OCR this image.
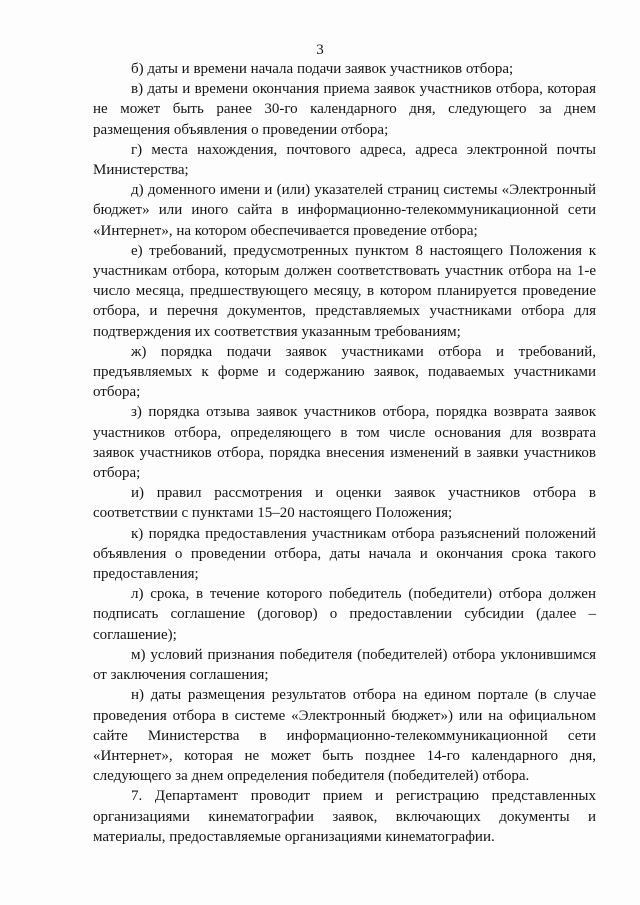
3

б) даты и времени начала подачи заявок участников отбора;

в) даты и времени окончания приема заявок участников отбора, которая не может быть ранее 30-го календарного дня, следующего за днем размещения объявления о проведении отбора;

г) места нахождения, почтового адреса, адреса электронной почты Министерства;

д) доменного имени и (или) указателей страниц системы «Электронный бюджет» или иного сайта в информационно-телекоммуникационной сети «Интернет», на котором обеспечивается проведение отбора;

е) требований, предусмотренных пунктом 8 настоящего Положения к участникам отбора, которым должен соответствовать участник отбора на 1-е число месяца, предшествующего месяцу, в котором планируется проведение отбора, и перечня документов, представляемых участниками отбора для подтверждения их соответствия указанным требованиям;

ж) порядка подачи заявок участниками отбора и требований, предъявляемых к форме и содержанию заявок, подаваемых участниками отбора;

з) порядка отзыва заявок участников отбора, порядка возврата заявок участников отбора, определяющего в том числе основания для возврата заявок участников отбора, порядка внесения изменений в заявки участников отбора;

и) правил рассмотрения и оценки заявок участников отбора в соответствии с пунктами 15–20 настоящего Положения;

к) порядка предоставления участникам отбора разъяснений положений объявления о проведении отбора, даты начала и окончания срока такого предоставления;

л) срока, в течение которого победитель (победители) отбора должен подписать соглашение (договор) о предоставлении субсидии (далее – соглашение);

м) условий признания победителя (победителей) отбора уклонившимся от заключения соглашения;

н) даты размещения результатов отбора на едином портале (в случае проведения отбора в системе «Электронный бюджет») или на официальном сайте Министерства в информационно-телекоммуникационной сети «Интернет», которая не может быть позднее 14-го календарного дня, следующего за днем определения победителя (победителей) отбора.

7. Департамент проводит прием и регистрацию представленных организациями кинематографии заявок, включающих документы и материалы, предоставляемые организациями кинематографии.
